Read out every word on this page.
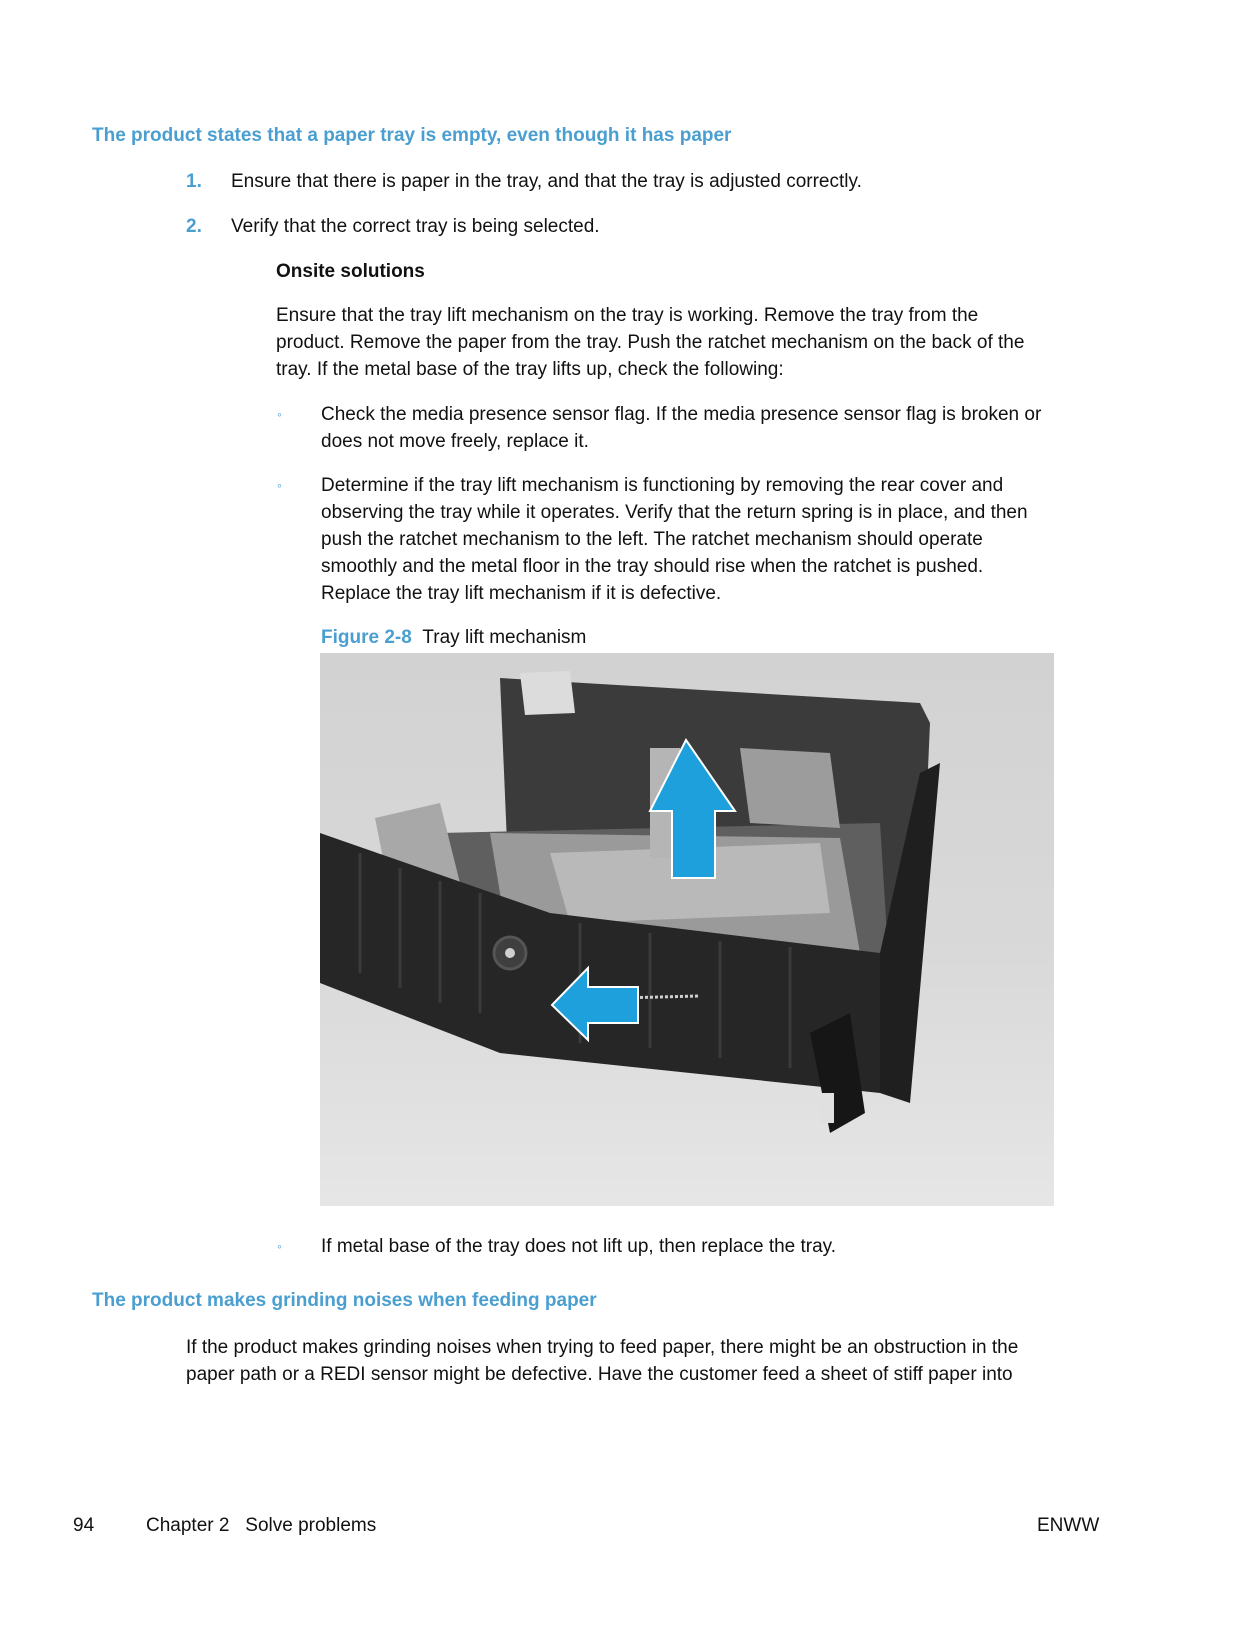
The product states that a paper tray is empty, even though it has paper
1. Ensure that there is paper in the tray, and that the tray is adjusted correctly.
2. Verify that the correct tray is being selected.
Onsite solutions
Ensure that the tray lift mechanism on the tray is working. Remove the tray from the
product. Remove the paper from the tray. Push the ratchet mechanism on the back of the
tray. If the metal base of the tray lifts up, check the following:
◦ Check the media presence sensor flag. If the media presence sensor flag is broken or
does not move freely, replace it.
◦ Determine if the tray lift mechanism is functioning by removing the rear cover and
observing the tray while it operates. Verify that the return spring is in place, and then
push the ratchet mechanism to the left. The ratchet mechanism should operate
smoothly and the metal floor in the tray should rise when the ratchet is pushed.
Replace the tray lift mechanism if it is defective.
Figure 2-8 Tray lift mechanism
◦ If metal base of the tray does not lift up, then replace the tray.
The product makes grinding noises when feeding paper
If the product makes grinding noises when trying to feed paper, there might be an obstruction in the
paper path or a REDI sensor might be defective. Have the customer feed a sheet of stiff paper into
94	Chapter 2   Solve problems	ENWW
